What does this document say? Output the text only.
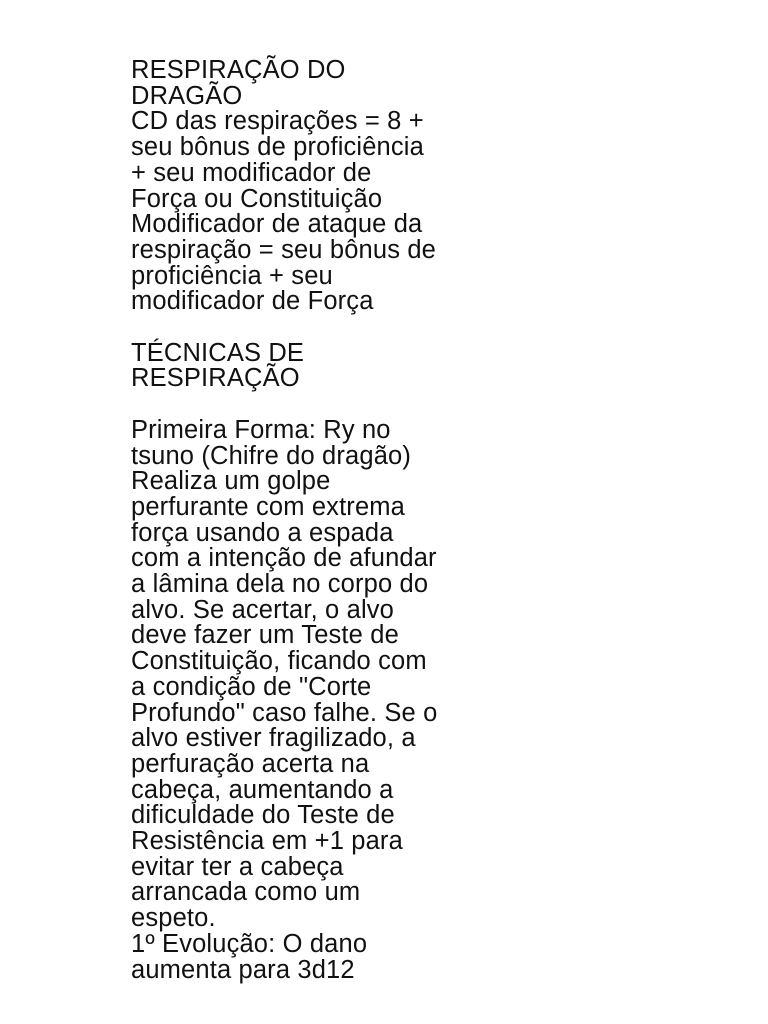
RESPIRAÇÃO DO
DRAGÃO
CD das respirações = 8 +
seu bônus de proficiência
+ seu modificador de
Força ou Constituição
Modificador de ataque da
respiração = seu bônus de
proficiência + seu
modificador de Força

TÉCNICAS DE
RESPIRAÇÃO

Primeira Forma: Ry no
tsuno (Chifre do dragão)
Realiza um golpe
perfurante com extrema
força usando a espada
com a intenção de afundar
a lâmina dela no corpo do
alvo. Se acertar, o alvo
deve fazer um Teste de
Constituição, ficando com
a condição de "Corte
Profundo" caso falhe. Se o
alvo estiver fragilizado, a
perfuração acerta na
cabeça, aumentando a
dificuldade do Teste de
Resistência em +1 para
evitar ter a cabeça
arrancada como um
espeto.
1º Evolução: O dano
aumenta para 3d12
